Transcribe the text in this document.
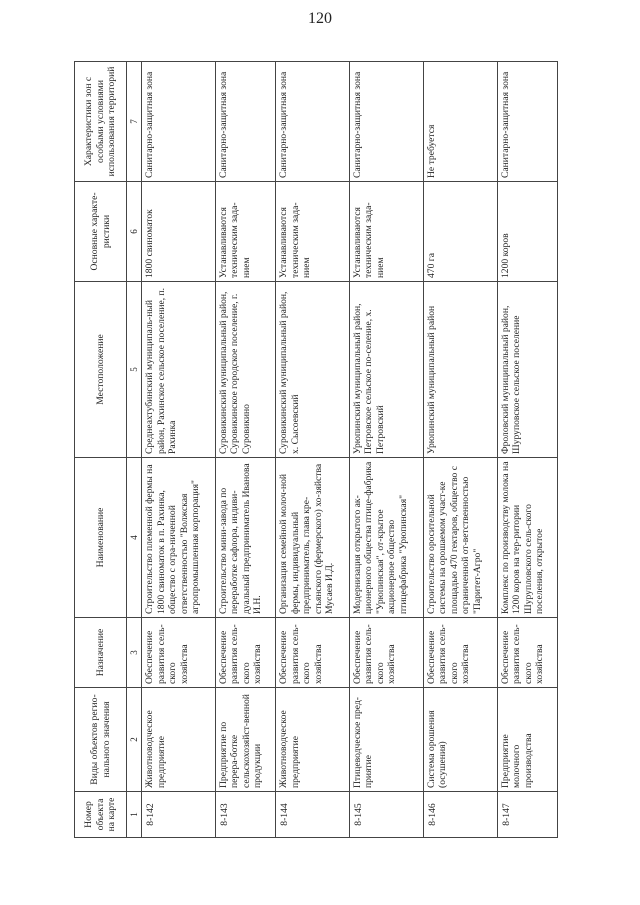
120
Номер объекта на карте	Виды объектов регио-нального значения	Назначение	Наименование	Местоположение	Основные характе-ристики	Характеристики зон с особыми условиями использования территорий
1	2	3	4	5	6	7
8-142	Животноводческое предприятие	Обеспечение развития сель-ского хозяйства	Строительство племенной фермы на 1800 свиноматок в п. Рахинка, общество с огра-ниченной ответственностью "Волжская агропромышленная корпорация"	Среднеахтубинский муниципаль-ный район, Рахинское сельское поселение, п. Рахинка	1800 свиноматок	Санитарно-защитная зона
8-143	Предприятие по перера-ботке сельскохозяйст-венной продукции	Обеспечение развития сель-ского хозяйства	Строительство мини-завода по переработке сафлора, индиви-дуальный предприниматель Иванова И.Н.	Суровикинский муниципальный район, Суровикинское городское поселение, г. Суровикино	Устанавливаются техническим зада-нием	Санитарно-защитная зона
8-144	Животноводческое предприятие	Обеспечение развития сель-ского хозяйства	Организация семейной молоч-ной фермы, индивидуальный предприниматель, глава кре-стьянского (фермерского) хо-зяйства Мусаев И.Д.	Суровикинский муниципальный район, х. Сысоевский	Устанавливаются техническим зада-нием	Санитарно-защитная зона
8-145	Птицеводческое пред-приятие	Обеспечение развития сель-ского хозяйства	Модернизация открытого ак-ционерного общества птице-фабрика "Урюпинская", от-крытое акционерное общество птицефабрика "Урюпинская"	Урюпинский муниципальный район, Петровское сельское по-селение, х. Петровский	Устанавливаются техническим зада-нием	Санитарно-защитная зона
8-146	Система орошения (осушения)	Обеспечение развития сель-ского хозяйства	Строительство оросительной системы на орошаемом участ-ке площадью 470 гектаров, общество с ограниченной от-ветственностью "Паритет-Агро"	Урюпинский муниципальный район	470 га	Не требуется
8-147	Предприятие молочного производства	Обеспечение развития сель-ского хозяйства	Комплекс по производству молока на 1200 коров на тер-ритории Шурупловского сель-ского поселения, открытое	Фроловский муниципальный район, Шуруповское сельское поселение	1200 коров	Санитарно-защитная зона
